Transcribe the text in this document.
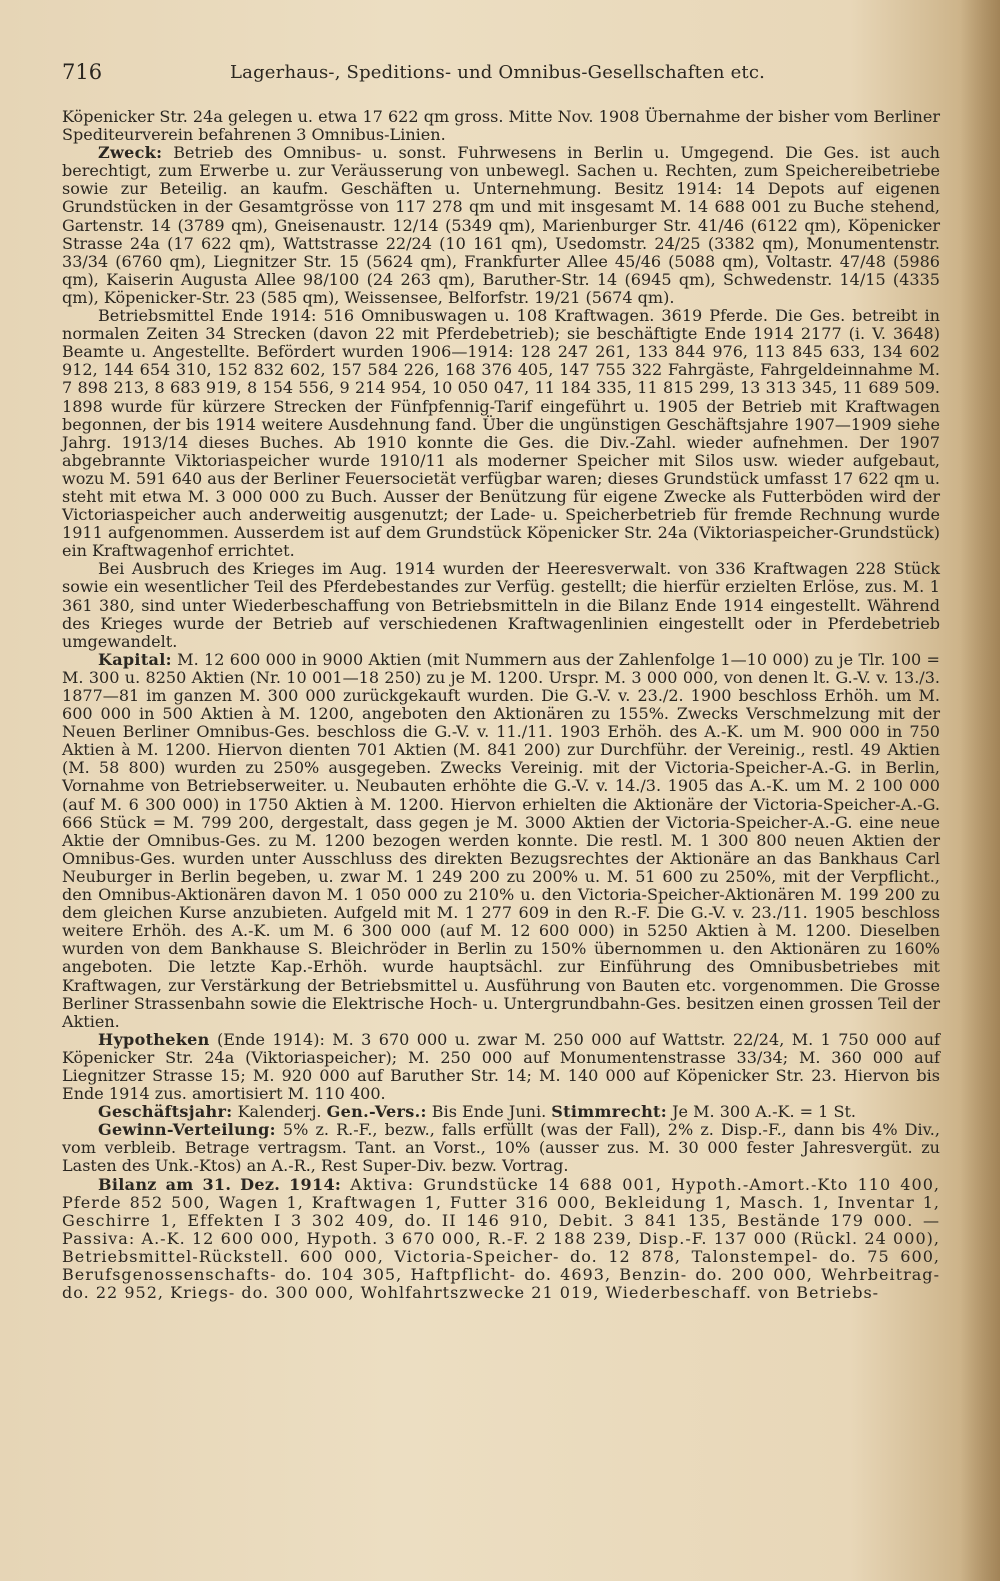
716	Lagerhaus-, Speditions- und Omnibus-Gesellschaften etc.

Köpenicker Str. 24a gelegen u. etwa 17 622 qm gross. Mitte Nov. 1908 Übernahme der bisher vom Berliner Spediteurverein befahrenen 3 Omnibus-Linien.

Zweck: Betrieb des Omnibus- u. sonst. Fuhrwesens in Berlin u. Umgegend. Die Ges. ist auch berechtigt, zum Erwerbe u. zur Veräusserung von unbewegl. Sachen u. Rechten, zum Speichereibetriebe sowie zur Beteilig. an kaufm. Geschäften u. Unternehmung. Besitz 1914: 14 Depots auf eigenen Grundstücken in der Gesamtgrösse von 117 278 qm und mit insgesamt M. 14 688 001 zu Buche stehend, Gartenstr. 14 (3789 qm), Gneisenaustr. 12/14 (5349 qm), Marienburger Str. 41/46 (6122 qm), Köpenicker Strasse 24a (17 622 qm), Wattstrasse 22/24 (10 161 qm), Usedomstr. 24/25 (3382 qm), Monumentenstr. 33/34 (6760 qm), Liegnitzer Str. 15 (5624 qm), Frankfurter Allee 45/46 (5088 qm), Voltastr. 47/48 (5986 qm), Kaiserin Augusta Allee 98/100 (24 263 qm), Baruther-Str. 14 (6945 qm), Schwedenstr. 14/15 (4335 qm), Köpenicker-Str. 23 (585 qm), Weissensee, Belforfstr. 19/21 (5674 qm).

Betriebsmittel Ende 1914: 516 Omnibuswagen u. 108 Kraftwagen. 3619 Pferde. Die Ges. betreibt in normalen Zeiten 34 Strecken (davon 22 mit Pferdebetrieb); sie beschäftigte Ende 1914 2177 (i. V. 3648) Beamte u. Angestellte. Befördert wurden 1906—1914: 128 247 261, 133 844 976, 113 845 633, 134 602 912, 144 654 310, 152 832 602, 157 584 226, 168 376 405, 147 755 322 Fahrgäste, Fahrgeldeinnahme M. 7 898 213, 8 683 919, 8 154 556, 9 214 954, 10 050 047, 11 184 335, 11 815 299, 13 313 345, 11 689 509. 1898 wurde für kürzere Strecken der Fünfpfennig-Tarif eingeführt u. 1905 der Betrieb mit Kraftwagen begonnen, der bis 1914 weitere Ausdehnung fand. Über die ungünstigen Geschäftsjahre 1907—1909 siehe Jahrg. 1913/14 dieses Buches. Ab 1910 konnte die Ges. die Div.-Zahl. wieder aufnehmen. Der 1907 abgebrannte Viktoriaspeicher wurde 1910/11 als moderner Speicher mit Silos usw. wieder aufgebaut, wozu M. 591 640 aus der Berliner Feuersocietät verfügbar waren; dieses Grundstück umfasst 17 622 qm u. steht mit etwa M. 3 000 000 zu Buch. Ausser der Benützung für eigene Zwecke als Futterböden wird der Victoriaspeicher auch anderweitig ausgenutzt; der Lade- u. Speicherbetrieb für fremde Rechnung wurde 1911 aufgenommen. Ausserdem ist auf dem Grundstück Köpenicker Str. 24a (Viktoriaspeicher-Grundstück) ein Kraftwagenhof errichtet.

Bei Ausbruch des Krieges im Aug. 1914 wurden der Heeresverwalt. von 336 Kraftwagen 228 Stück sowie ein wesentlicher Teil des Pferdebestandes zur Verfüg. gestellt; die hierfür erzielten Erlöse, zus. M. 1 361 380, sind unter Wiederbeschaffung von Betriebsmitteln in die Bilanz Ende 1914 eingestellt. Während des Krieges wurde der Betrieb auf verschiedenen Kraftwagenlinien eingestellt oder in Pferdebetrieb umgewandelt.

Kapital: M. 12 600 000 in 9000 Aktien (mit Nummern aus der Zahlenfolge 1—10 000) zu je Tlr. 100 = M. 300 u. 8250 Aktien (Nr. 10 001—18 250) zu je M. 1200. Urspr. M. 3 000 000, von denen lt. G.-V. v. 13./3. 1877—81 im ganzen M. 300 000 zurückgekauft wurden. Die G.-V. v. 23./2. 1900 beschloss Erhöh. um M. 600 000 in 500 Aktien à M. 1200, angeboten den Aktionären zu 155%. Zwecks Verschmelzung mit der Neuen Berliner Omnibus-Ges. beschloss die G.-V. v. 11./11. 1903 Erhöh. des A.-K. um M. 900 000 in 750 Aktien à M. 1200. Hiervon dienten 701 Aktien (M. 841 200) zur Durchführ. der Vereinig., restl. 49 Aktien (M. 58 800) wurden zu 250% ausgegeben. Zwecks Vereinig. mit der Victoria-Speicher-A.-G. in Berlin, Vornahme von Betriebserweiter. u. Neubauten erhöhte die G.-V. v. 14./3. 1905 das A.-K. um M. 2 100 000 (auf M. 6 300 000) in 1750 Aktien à M. 1200. Hiervon erhielten die Aktionäre der Victoria-Speicher-A.-G. 666 Stück = M. 799 200, dergestalt, dass gegen je M. 3000 Aktien der Victoria-Speicher-A.-G. eine neue Aktie der Omnibus-Ges. zu M. 1200 bezogen werden konnte. Die restl. M. 1 300 800 neuen Aktien der Omnibus-Ges. wurden unter Ausschluss des direkten Bezugsrechtes der Aktionäre an das Bankhaus Carl Neuburger in Berlin begeben, u. zwar M. 1 249 200 zu 200% u. M. 51 600 zu 250%, mit der Verpflicht., den Omnibus-Aktionären davon M. 1 050 000 zu 210% u. den Victoria-Speicher-Aktionären M. 199 200 zu dem gleichen Kurse anzubieten. Aufgeld mit M. 1 277 609 in den R.-F. Die G.-V. v. 23./11. 1905 beschloss weitere Erhöh. des A.-K. um M. 6 300 000 (auf M. 12 600 000) in 5250 Aktien à M. 1200. Dieselben wurden von dem Bankhause S. Bleichröder in Berlin zu 150% übernommen u. den Aktionären zu 160% angeboten. Die letzte Kap.-Erhöh. wurde hauptsächl. zur Einführung des Omnibusbetriebes mit Kraftwagen, zur Verstärkung der Betriebsmittel u. Ausführung von Bauten etc. vorgenommen. Die Grosse Berliner Strassenbahn sowie die Elektrische Hoch- u. Untergrundbahn-Ges. besitzen einen grossen Teil der Aktien.

Hypotheken (Ende 1914): M. 3 670 000 u. zwar M. 250 000 auf Wattstr. 22/24, M. 1 750 000 auf Köpenicker Str. 24a (Viktoriaspeicher); M. 250 000 auf Monumentenstrasse 33/34; M. 360 000 auf Liegnitzer Strasse 15; M. 920 000 auf Baruther Str. 14; M. 140 000 auf Köpenicker Str. 23. Hiervon bis Ende 1914 zus. amortisiert M. 110 400.

Geschäftsjahr: Kalenderj. Gen.-Vers.: Bis Ende Juni. Stimmrecht: Je M. 300 A.-K. = 1 St.

Gewinn-Verteilung: 5% z. R.-F., bezw., falls erfüllt (was der Fall), 2% z. Disp.-F., dann bis 4% Div., vom verbleib. Betrage vertragsm. Tant. an Vorst., 10% (ausser zus. M. 30 000 fester Jahresvergüt. zu Lasten des Unk.-Ktos) an A.-R., Rest Super-Div. bezw. Vortrag.

Bilanz am 31. Dez. 1914: Aktiva: Grundstücke 14 688 001, Hypoth.-Amort.-Kto 110 400, Pferde 852 500, Wagen 1, Kraftwagen 1, Futter 316 000, Bekleidung 1, Masch. 1, Inventar 1, Geschirre 1, Effekten I 3 302 409, do. II 146 910, Debit. 3 841 135, Bestände 179 000. — Passiva: A.-K. 12 600 000, Hypoth. 3 670 000, R.-F. 2 188 239, Disp.-F. 137 000 (Rückl. 24 000), Betriebsmittel-Rückstell. 600 000, Victoria-Speicher- do. 12 878, Talonstempel- do. 75 600, Berufsgenossenschafts- do. 104 305, Haftpflicht- do. 4693, Benzin- do. 200 000, Wehrbeitrag- do. 22 952, Kriegs- do. 300 000, Wohlfahrtszwecke 21 019, Wiederbeschaff. von Betriebs-
